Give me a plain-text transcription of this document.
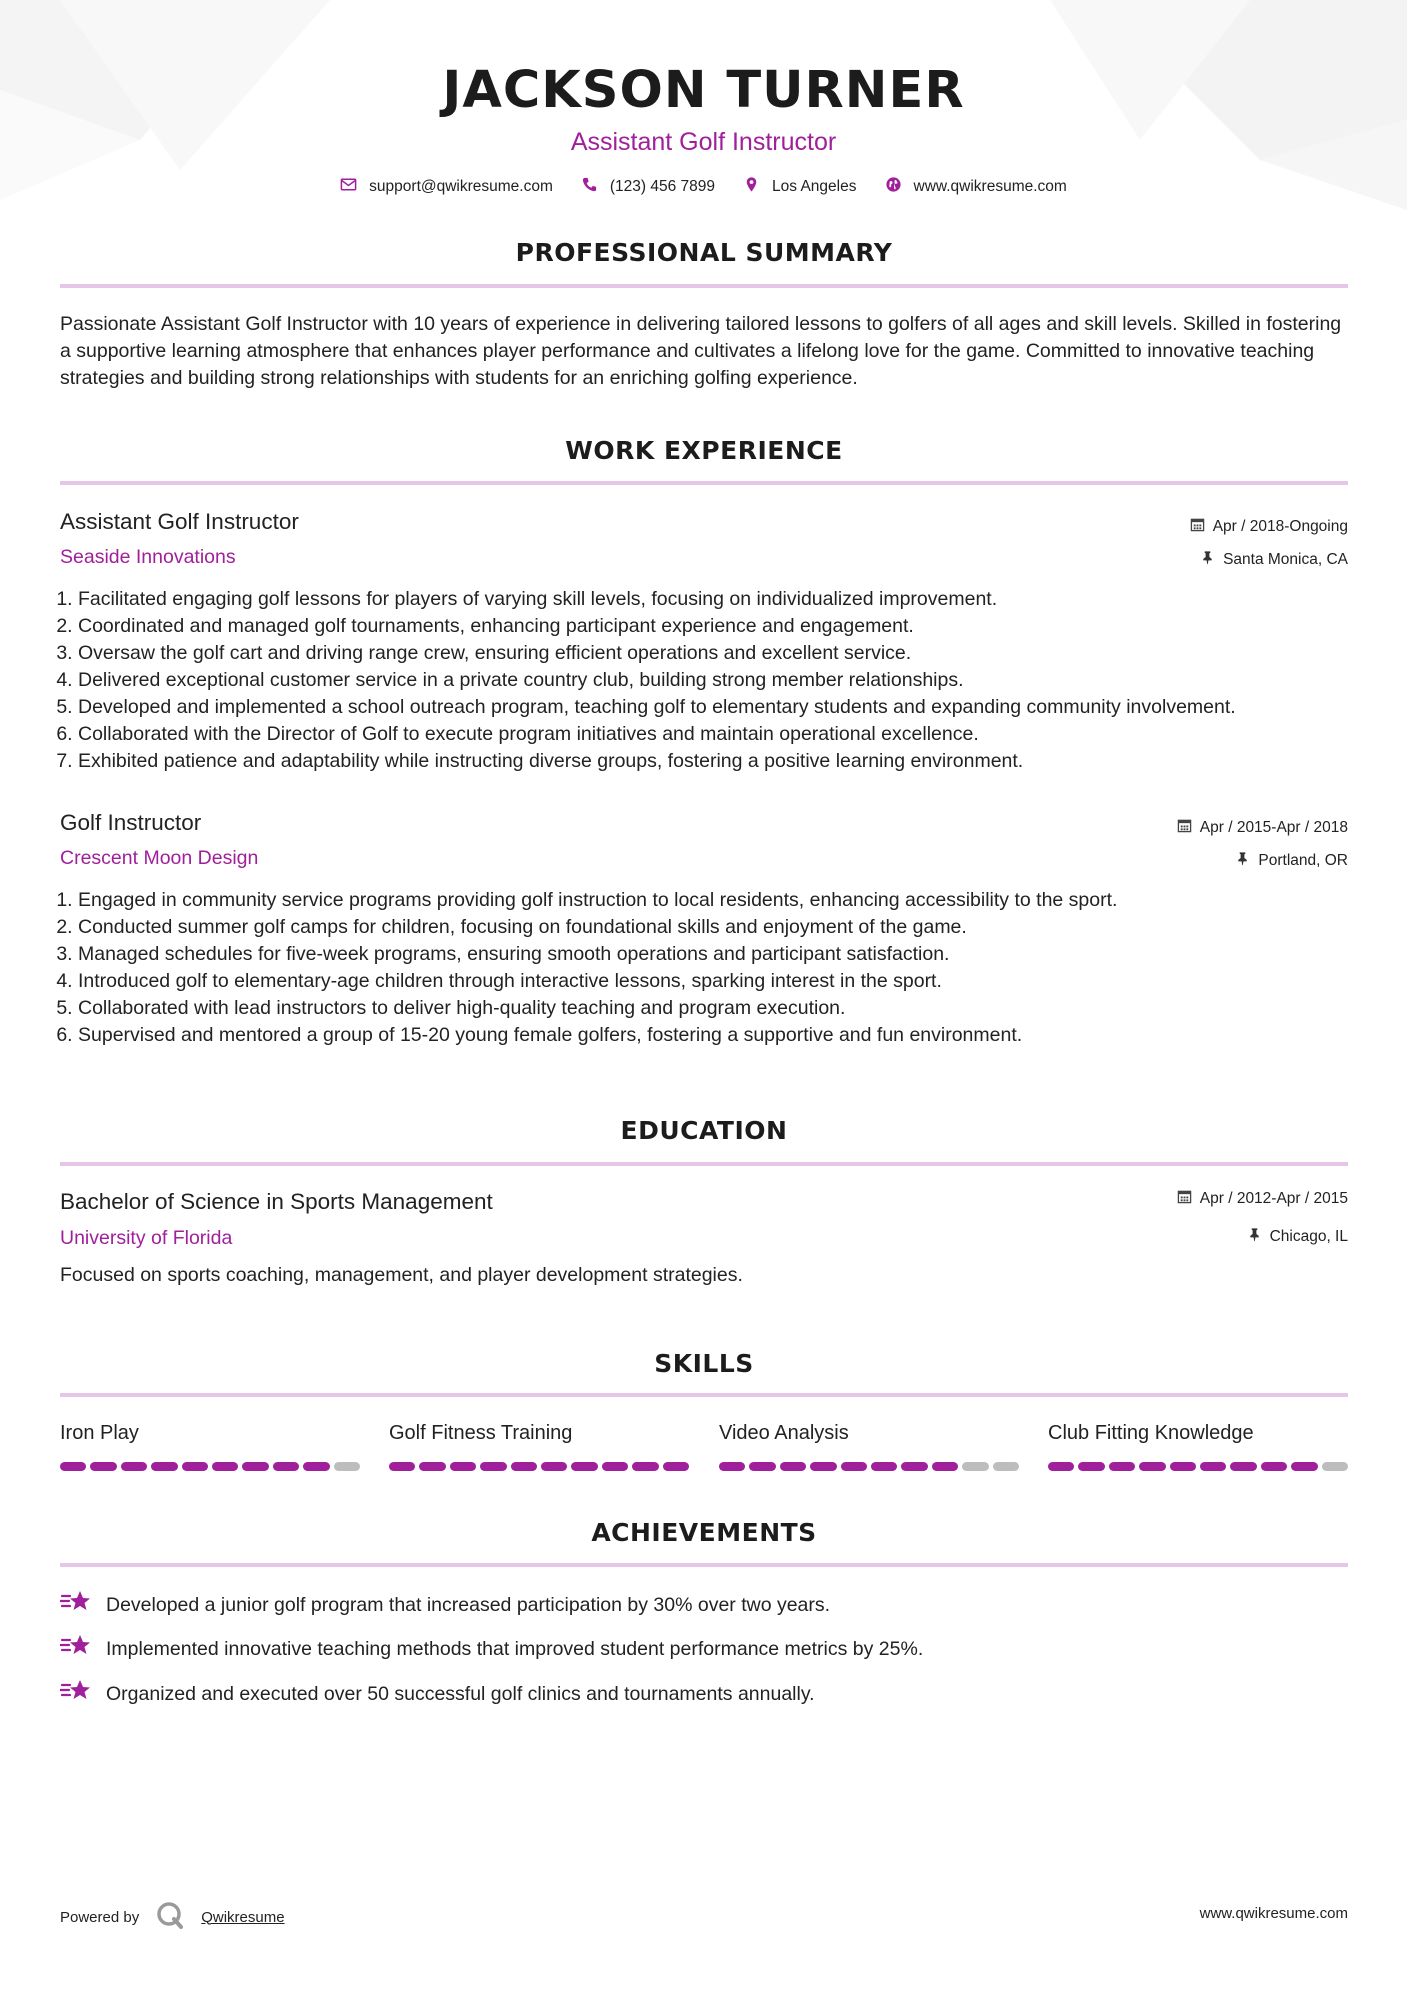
JACKSON TURNER
Assistant Golf Instructor
support@qwikresume.com	(123) 456 7899	Los Angeles	www.qwikresume.com
PROFESSIONAL SUMMARY
Passionate Assistant Golf Instructor with 10 years of experience in delivering tailored lessons to golfers of all ages and skill levels. Skilled in fostering a supportive learning atmosphere that enhances player performance and cultivates a lifelong love for the game. Committed to innovative teaching strategies and building strong relationships with students for an enriching golfing experience.
WORK EXPERIENCE
Assistant Golf Instructor
Seaside Innovations
Apr / 2018-Ongoing
Santa Monica, CA
1. Facilitated engaging golf lessons for players of varying skill levels, focusing on individualized improvement.
2. Coordinated and managed golf tournaments, enhancing participant experience and engagement.
3. Oversaw the golf cart and driving range crew, ensuring efficient operations and excellent service.
4. Delivered exceptional customer service in a private country club, building strong member relationships.
5. Developed and implemented a school outreach program, teaching golf to elementary students and expanding community involvement.
6. Collaborated with the Director of Golf to execute program initiatives and maintain operational excellence.
7. Exhibited patience and adaptability while instructing diverse groups, fostering a positive learning environment.
Golf Instructor
Crescent Moon Design
Apr / 2015-Apr / 2018
Portland, OR
1. Engaged in community service programs providing golf instruction to local residents, enhancing accessibility to the sport.
2. Conducted summer golf camps for children, focusing on foundational skills and enjoyment of the game.
3. Managed schedules for five-week programs, ensuring smooth operations and participant satisfaction.
4. Introduced golf to elementary-age children through interactive lessons, sparking interest in the sport.
5. Collaborated with lead instructors to deliver high-quality teaching and program execution.
6. Supervised and mentored a group of 15-20 young female golfers, fostering a supportive and fun environment.
EDUCATION
Bachelor of Science in Sports Management
University of Florida
Apr / 2012-Apr / 2015
Chicago, IL
Focused on sports coaching, management, and player development strategies.
SKILLS
Iron Play	Golf Fitness Training	Video Analysis	Club Fitting Knowledge
ACHIEVEMENTS
Developed a junior golf program that increased participation by 30% over two years.
Implemented innovative teaching methods that improved student performance metrics by 25%.
Organized and executed over 50 successful golf clinics and tournaments annually.
Powered by	Qwikresume	www.qwikresume.com
